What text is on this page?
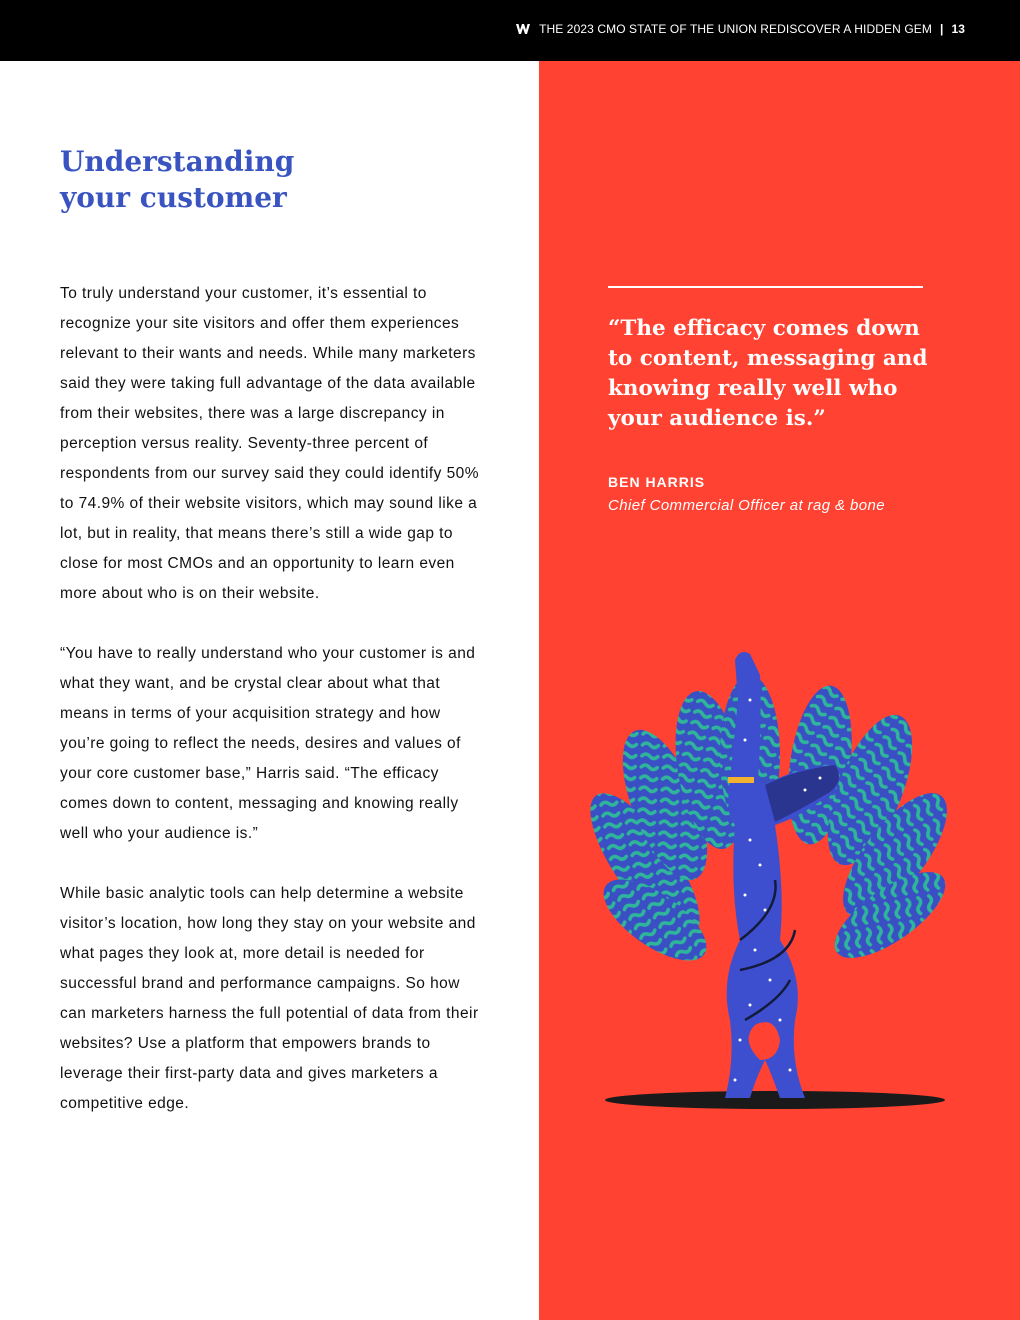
THE 2023 CMO STATE OF THE UNION REDISCOVER A HIDDEN GEM | 13
Understanding
your customer

To truly understand your customer, it’s essential to recognize your site visitors and offer them experiences relevant to their wants and needs. While many marketers said they were taking full advantage of the data available from their websites, there was a large discrepancy in perception versus reality. Seventy-three percent of respondents from our survey said they could identify 50% to 74.9% of their website visitors, which may sound like a lot, but in reality, that means there’s still a wide gap to close for most CMOs and an opportunity to learn even more about who is on their website.

“You have to really understand who your customer is and what they want, and be crystal clear about what that means in terms of your acquisition strategy and how you’re going to reflect the needs, desires and values of your core customer base,” Harris said. “The efficacy comes down to content, messaging and knowing really well who your audience is.”

While basic analytic tools can help determine a website visitor’s location, how long they stay on your website and what pages they look at, more detail is needed for successful brand and performance campaigns. So how can marketers harness the full potential of data from their websites? Use a platform that empowers brands to leverage their first-party data and gives marketers a competitive edge.

“The efficacy comes down to content, messaging and knowing really well who your audience is.”

BEN HARRIS
Chief Commercial Officer at rag & bone
